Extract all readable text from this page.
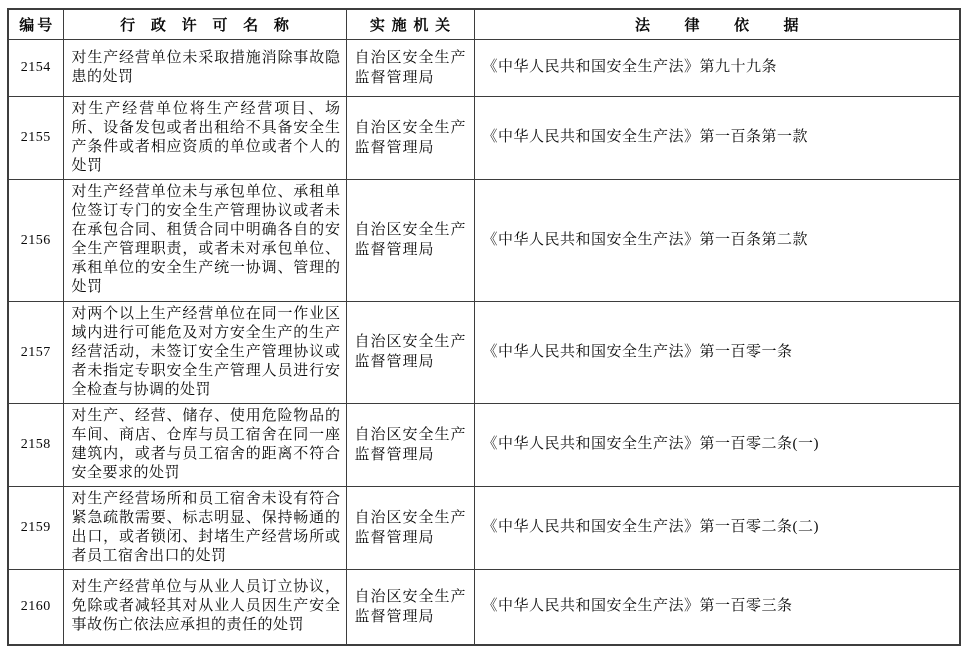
编号	行政许可名称	实施机关	法律依据
2154	对生产经营单位未采取措施消除事故隐患的处罚	自治区安全生产监督管理局	《中华人民共和国安全生产法》第九十九条
2155	对生产经营单位将生产经营项目、场所、设备发包或者出租给不具备安全生产条件或者相应资质的单位或者个人的处罚	自治区安全生产监督管理局	《中华人民共和国安全生产法》第一百条第一款
2156	对生产经营单位未与承包单位、承租单位签订专门的安全生产管理协议或者未在承包合同、租赁合同中明确各自的安全生产管理职责，或者未对承包单位、承租单位的安全生产统一协调、管理的处罚	自治区安全生产监督管理局	《中华人民共和国安全生产法》第一百条第二款
2157	对两个以上生产经营单位在同一作业区域内进行可能危及对方安全生产的生产经营活动，未签订安全生产管理协议或者未指定专职安全生产管理人员进行安全检查与协调的处罚	自治区安全生产监督管理局	《中华人民共和国安全生产法》第一百零一条
2158	对生产、经营、储存、使用危险物品的车间、商店、仓库与员工宿舍在同一座建筑内，或者与员工宿舍的距离不符合安全要求的处罚	自治区安全生产监督管理局	《中华人民共和国安全生产法》第一百零二条(一)
2159	对生产经营场所和员工宿舍未设有符合紧急疏散需要、标志明显、保持畅通的出口，或者锁闭、封堵生产经营场所或者员工宿舍出口的处罚	自治区安全生产监督管理局	《中华人民共和国安全生产法》第一百零二条(二)
2160	对生产经营单位与从业人员订立协议，免除或者减轻其对从业人员因生产安全事故伤亡依法应承担的责任的处罚	自治区安全生产监督管理局	《中华人民共和国安全生产法》第一百零三条
